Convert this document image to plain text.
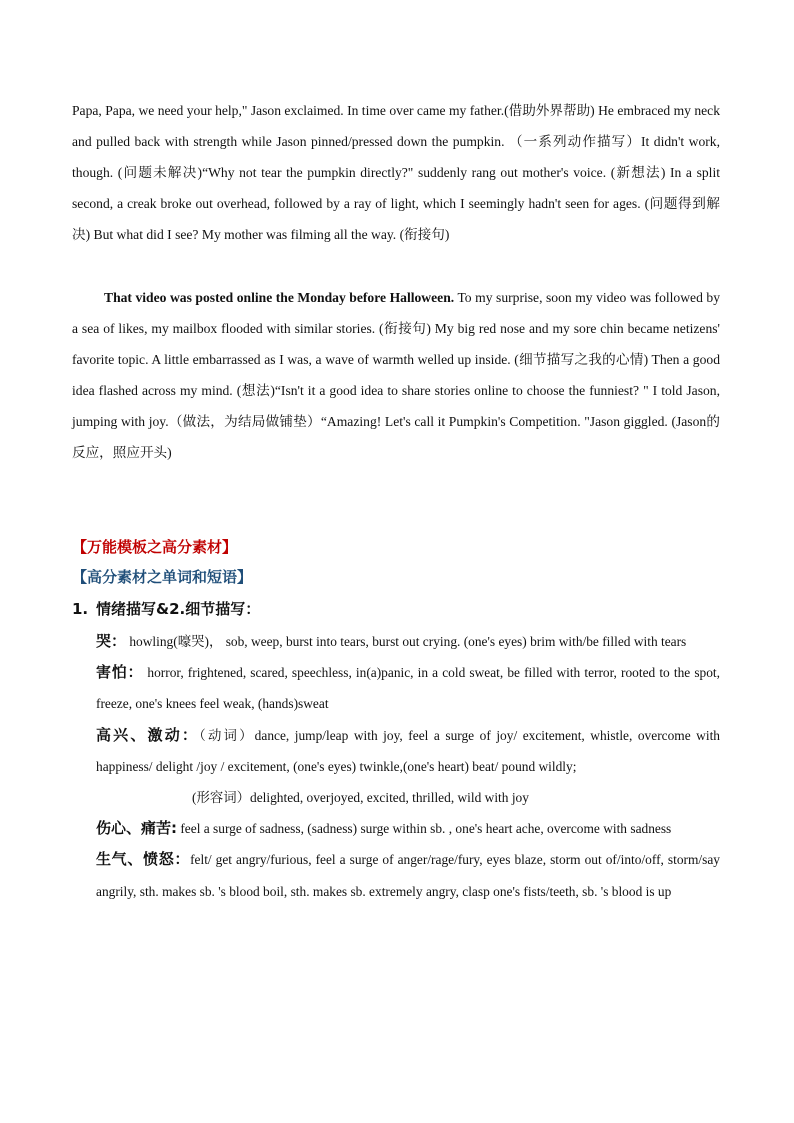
Papa, Papa, we need your help," Jason exclaimed. In time over came my father.(借助外界帮助) He embraced my neck and pulled back with strength while Jason pinned/pressed down the pumpkin. （一系列动作描写）It didn't work, though. (问题未解决)“Why not tear the pumpkin directly?" suddenly rang out mother's voice. (新想法) In a split second, a creak broke out overhead, followed by a ray of light, which I seemingly hadn't seen for ages. (问题得到解决) But what did I see? My mother was filming all the way. (衔接句)

That video was posted online the Monday before Halloween. To my surprise, soon my video was followed by a sea of likes, my mailbox flooded with similar stories. (衔接句) My big red nose and my sore chin became netizens' favorite topic. A little embarrassed as I was, a wave of warmth welled up inside. (细节描写之我的心情) Then a good idea flashed across my mind. (想法)“Isn't it a good idea to share stories online to choose the funniest? " I told Jason, jumping with joy.（做法，为结局做铺垫）“Amazing! Let's call it Pumpkin's Competition. "Jason giggled. (Jason的反应，照应开头)

【万能模板之高分素材】
【高分素材之单词和短语】
1. 情绪描写&2.细节描写：

哭： howling(嚎哭)， sob, weep, burst into tears, burst out crying. (one's eyes) brim with/be filled with tears

害怕： horror, frightened, scared, speechless, in(a)panic, in a cold sweat, be filled with terror, rooted to the spot, freeze, one's knees feel weak, (hands)sweat

高兴、激动：（动词）dance, jump/leap with joy, feel a surge of joy/ excitement, whistle, overcome with happiness/ delight /joy / excitement, (one's eyes) twinkle,(one's heart) beat/ pound wildly;

(形容词）delighted, overjoyed, excited, thrilled, wild with joy

伤心、痛苦: feel a surge of sadness, (sadness) surge within sb. , one's heart ache, overcome with sadness

生气、愤怒：felt/ get angry/furious, feel a surge of anger/rage/fury, eyes blaze, storm out of/into/off, storm/say angrily, sth. makes sb. 's blood boil, sth. makes sb. extremely angry, clasp one's fists/teeth, sb. 's blood is up
